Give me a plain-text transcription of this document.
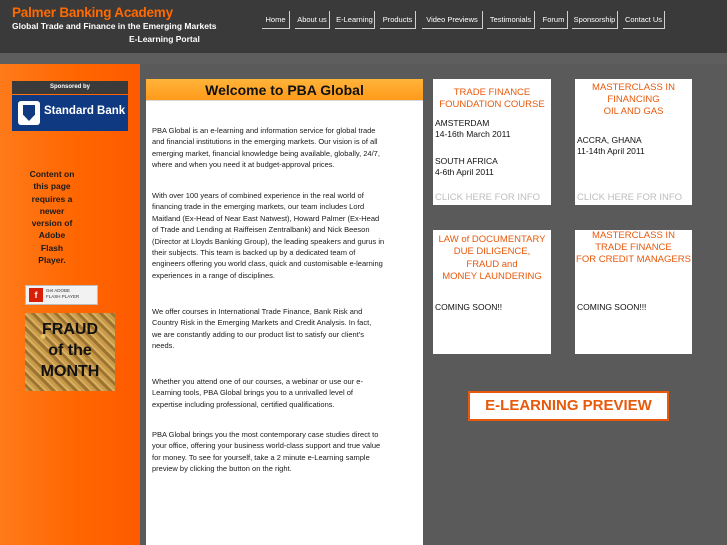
Palmer Banking Academy
Global Trade and Finance in the Emerging Markets
E-Learning Portal
Home	About us	E-Learning	Products	Video Previews	Testimonials	Forum	Sponsorship	Contact Us
Sponsored by
Standard Bank
Content on
this page
requires a
newer
version of
Adobe
Flash
Player.
f	Get ADOBE
FLASH PLAYER
FRAUD
of the
MONTH
Welcome to PBA Global
PBA Global is an e-learning and information service for global trade
and financial institutions in the emerging markets. Our vision is of all
emerging market, financial knowledge being available, globally, 24/7,
where and when you need it at budget-approval prices.
With over 100 years of combined experience in the real world of
financing trade in the emerging markets, our team includes Lord
Maitland (Ex-Head of Near East Natwest), Howard Palmer (Ex-Head
of Trade and Lending at Raiffeisen Zentralbank) and Nick Beeson
(Director at Lloyds Banking Group), the leading speakers and gurus in
their subjects. This team is backed up by a dedicated team of
engineers offering you world class, quick and customisable e-learning
experiences in a range of disciplines.
We offer courses in International Trade Finance, Bank Risk and
Country Risk in the Emerging Markets and Credit Analysis. In fact,
we are constantly adding to our product list to satisfy our client's
needs.
Whether you attend one of our courses, a webinar or use our e-
Learning tools, PBA Global brings you to a unrivalled level of
expertise including professional, certified qualifications.
PBA Global brings you the most contemporary case studies direct to
your office, offering your business world-class support and true value
for money. To see for yourself, take a 2 minute e-Learning sample
preview by clicking the button on the right.
TRADE FINANCE
FOUNDATION COURSE
AMSTERDAM
14-16th March 2011
SOUTH AFRICA
4-6th April 2011
CLICK HERE FOR INFO
MASTERCLASS IN
FINANCING
OIL AND GAS
ACCRA, GHANA
11-14th April 2011
CLICK HERE FOR INFO
LAW of DOCUMENTARY
DUE DILIGENCE,
FRAUD and
MONEY LAUNDERING
COMING SOON!!
MASTERCLASS IN
TRADE FINANCE
FOR CREDIT MANAGERS
COMING SOON!!!
E-LEARNING PREVIEW
